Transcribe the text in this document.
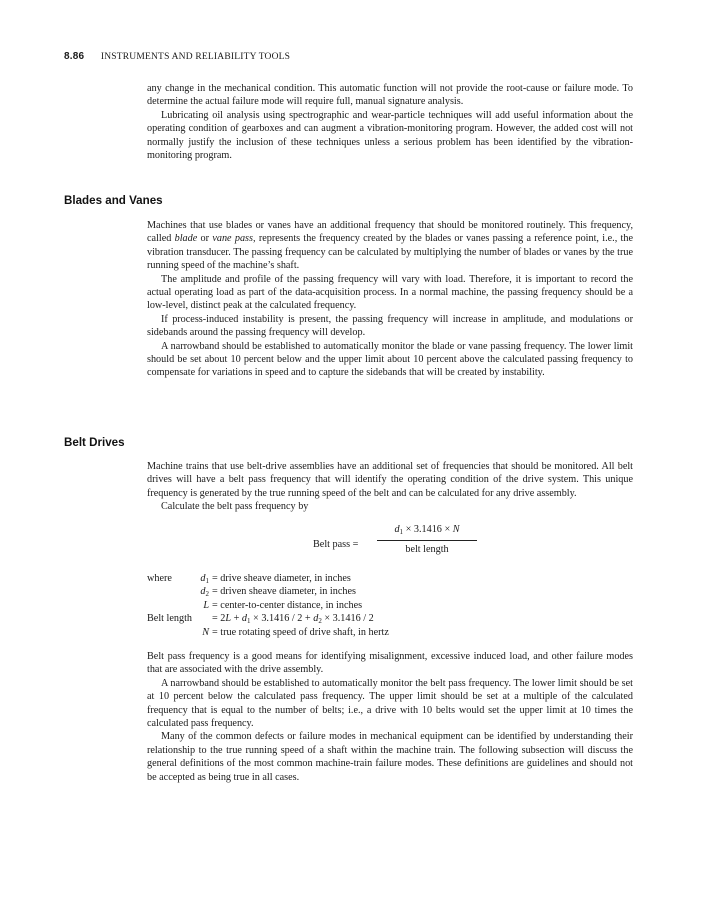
8.86 INSTRUMENTS AND RELIABILITY TOOLS

any change in the mechanical condition. This automatic function will not provide the root-cause or failure mode. To determine the actual failure mode will require full, manual signature analysis.

Lubricating oil analysis using spectrographic and wear-particle techniques will add useful information about the operating condition of gearboxes and can augment a vibration-monitoring program. However, the added cost will not normally justify the inclusion of these techniques unless a serious problem has been identified by the vibration-monitoring program.

Blades and Vanes

Machines that use blades or vanes have an additional frequency that should be monitored routinely. This frequency, called blade or vane pass, represents the frequency created by the blades or vanes passing a reference point, i.e., the vibration transducer. The passing frequency can be calculated by multiplying the number of blades or vanes by the true running speed of the machine’s shaft.

The amplitude and profile of the passing frequency will vary with load. Therefore, it is important to record the actual operating load as part of the data-acquisition process. In a normal machine, the passing frequency should be a low-level, distinct peak at the calculated frequency.

If process-induced instability is present, the passing frequency will increase in amplitude, and modulations or sidebands around the passing frequency will develop.

A narrowband should be established to automatically monitor the blade or vane passing frequency. The lower limit should be set about 10 percent below and the upper limit about 10 percent above the calculated passing frequency to compensate for variations in speed and to capture the sidebands that will be created by instability.

Belt Drives

Machine trains that use belt-drive assemblies have an additional set of frequencies that should be monitored. All belt drives will have a belt pass frequency that will identify the operating condition of the drive system. This unique frequency is generated by the true running speed of the belt and can be calculated for any drive assembly.

Calculate the belt pass frequency by

Belt pass =
$d_1 \times 3.1416 \times N$
belt length
where	$d_1$ = drive sheave diameter, in inches
$d_2$ = driven sheave diameter, in inches
L = center-to-center distance, in inches
Belt length = $2L + d_1 \times 3.1416 / 2 + d_2 \times 3.1416 / 2$
N = true rotating speed of drive shaft, in hertz

Belt pass frequency is a good means for identifying misalignment, excessive induced load, and other failure modes that are associated with the drive assembly.

A narrowband should be established to automatically monitor the belt pass frequency. The lower limit should be set at 10 percent below the calculated pass frequency. The upper limit should be set at a multiple of the calculated frequency that is equal to the number of belts; i.e., a drive with 10 belts would set the upper limit at 10 times the calculated pass frequency.

Many of the common defects or failure modes in mechanical equipment can be identified by understanding their relationship to the true running speed of a shaft within the machine train. The following subsection will discuss the general definitions of the most common machine-train failure modes. These definitions are guidelines and should not be accepted as being true in all cases.
